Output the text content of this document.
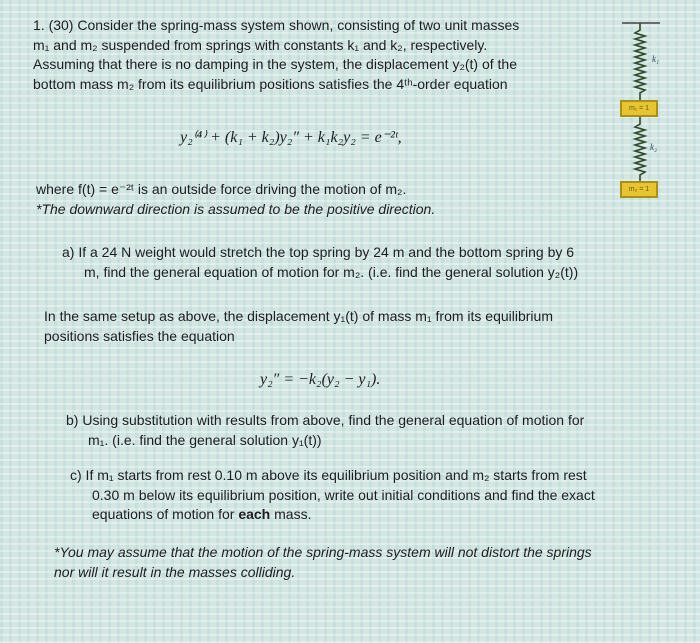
1. (30) Consider the spring-mass system shown, consisting of two unit masses
m₁ and m₂ suspended from springs with constants k₁ and k₂, respectively.
Assuming that there is no damping in the system, the displacement y₂(t) of the
bottom mass m₂ from its equilibrium positions satisfies the 4ᵗʰ-order equation
y₂⁽⁴⁾ + (k₁ + k₂)y₂″ + k₁k₂y₂ = e⁻²ᵗ,
where f(t) = e⁻²ᵗ is an outside force driving the motion of m₂.
*The downward direction is assumed to be the positive direction.
a) If a 24 N weight would stretch the top spring by 24 m and the bottom spring by 6
m, find the general equation of motion for m₂. (i.e. find the general solution y₂(t))
In the same setup as above, the displacement y₁(t) of mass m₁ from its equilibrium
positions satisfies the equation
y₂″ = −k₂(y₂ − y₁).
b) Using substitution with results from above, find the general equation of motion for
m₁. (i.e. find the general solution y₁(t))
c) If m₁ starts from rest 0.10 m above its equilibrium position and m₂ starts from rest
0.30 m below its equilibrium position, write out initial conditions and find the exact
equations of motion for each mass.
*You may assume that the motion of the spring-mass system will not distort the springs
nor will it result in the masses colliding.
k₁
m₁ = 1
k₂
m₂ = 1
